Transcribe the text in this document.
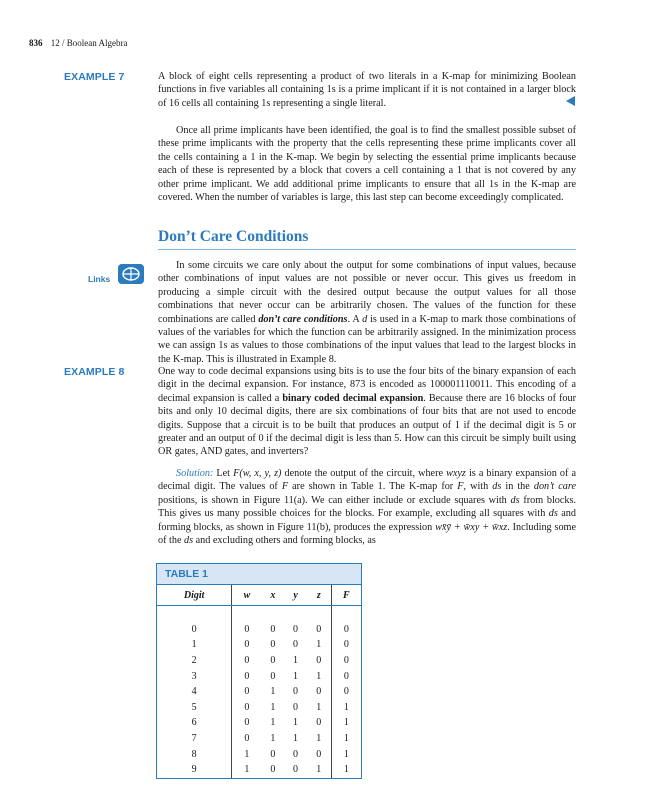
836 12 / Boolean Algebra
EXAMPLE 7	A block of eight cells representing a product of two literals in a K-map for minimizing Boolean functions in five variables all containing 1s is a prime implicant if it is not contained in a larger block of 16 cells all containing 1s representing a single literal.
Once all prime implicants have been identified, the goal is to find the smallest possible subset of these prime implicants with the property that the cells representing these prime implicants cover all the cells containing a 1 in the K-map. We begin by selecting the essential prime implicants because each of these is represented by a block that covers a cell containing a 1 that is not covered by any other prime implicant. We add additional prime implicants to ensure that all 1s in the K-map are covered. When the number of variables is large, this last step can become exceedingly complicated.
Don’t Care Conditions
Links
In some circuits we care only about the output for some combinations of input values, because other combinations of input values are not possible or never occur. This gives us freedom in producing a simple circuit with the desired output because the output values for all those combinations that never occur can be arbitrarily chosen. The values of the function for these combinations are called don’t care conditions. A d is used in a K-map to mark those combinations of values of the variables for which the function can be arbitrarily assigned. In the minimization process we can assign 1s as values to those combinations of the input values that lead to the largest blocks in the K-map. This is illustrated in Example 8.
EXAMPLE 8	One way to code decimal expansions using bits is to use the four bits of the binary expansion of each digit in the decimal expansion. For instance, 873 is encoded as 100001110011. This encoding of a decimal expansion is called a binary coded decimal expansion. Because there are 16 blocks of four bits and only 10 decimal digits, there are six combinations of four bits that are not used to encode digits. Suppose that a circuit is to be built that produces an output of 1 if the decimal digit is 5 or greater and an output of 0 if the decimal digit is less than 5. How can this circuit be simply built using OR gates, AND gates, and inverters?
Solution: Let F(w, x, y, z) denote the output of the circuit, where wxyz is a binary expansion of a decimal digit. The values of F are shown in Table 1. The K-map for F, with ds in the don’t care positions, is shown in Figure 11(a). We can either include or exclude squares with ds from blocks. This gives us many possible choices for the blocks. For example, excluding all squares with ds and forming blocks, as shown in Figure 11(b), produces the expression wx̄ȳ + w̄xy + w̄xz. Including some of the ds and excluding others and forming blocks, as
TABLE 1
Digit	w	x	y	z	F

0	0	0	0	0	0
1	0	0	0	1	0
2	0	0	1	0	0
3	0	0	1	1	0
4	0	1	0	0	0
5	0	1	0	1	1
6	0	1	1	0	1
7	0	1	1	1	1
8	1	0	0	0	1
9	1	0	0	1	1
